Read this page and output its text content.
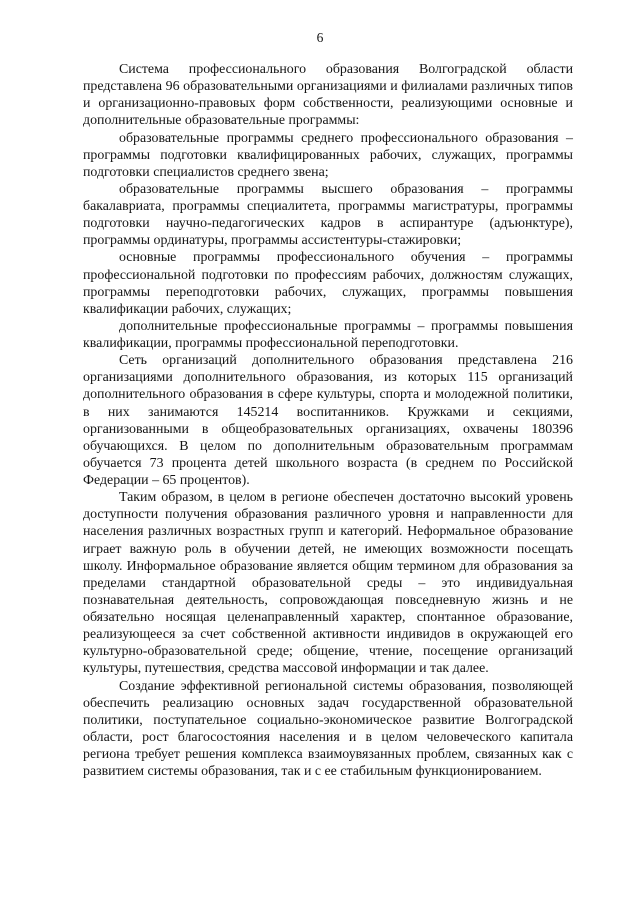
6

Система профессионального образования Волгоградской области представлена 96 образовательными организациями и филиалами различных типов и организационно-правовых форм собственности, реализующими основные и дополнительные образовательные программы:

образовательные программы среднего профессионального образования – программы подготовки квалифицированных рабочих, служащих, программы подготовки специалистов среднего звена;

образовательные программы высшего образования – программы бакалавриата, программы специалитета, программы магистратуры, программы подготовки научно-педагогических кадров в аспирантуре (адъюнктуре), программы ординатуры, программы ассистентуры-стажировки;

основные программы профессионального обучения – программы профессиональной подготовки по профессиям рабочих, должностям служащих, программы переподготовки рабочих, служащих, программы повышения квалификации рабочих, служащих;

дополнительные профессиональные программы – программы повышения квалификации, программы профессиональной переподготовки.

Сеть организаций дополнительного образования представлена 216 организациями дополнительного образования, из которых 115 организаций дополнительного образования в сфере культуры, спорта и молодежной политики, в них занимаются 145214 воспитанников. Кружками и секциями, организованными в общеобразовательных организациях, охвачены 180396 обучающихся. В целом по дополнительным образовательным программам обучается 73 процента детей школьного возраста (в среднем по Российской Федерации – 65 процентов).

Таким образом, в целом в регионе обеспечен достаточно высокий уровень доступности получения образования различного уровня и направленности для населения различных возрастных групп и категорий. Неформальное образование играет важную роль в обучении детей, не имеющих возможности посещать школу. Информальное образование является общим термином для образования за пределами стандартной образовательной среды – это индивидуальная познавательная деятельность, сопровождающая повседневную жизнь и не обязательно носящая целенаправленный характер, спонтанное образование, реализующееся за счет собственной активности индивидов в окружающей его культурно-образовательной среде; общение, чтение, посещение организаций культуры, путешествия, средства массовой информации и так далее.

Создание эффективной региональной системы образования, позволяющей обеспечить реализацию основных задач государственной образовательной политики, поступательное социально-экономическое развитие Волгоградской области, рост благосостояния населения и в целом человеческого капитала региона требует решения комплекса взаимоувязанных проблем, связанных как с развитием системы образования, так и с ее стабильным функционированием.
